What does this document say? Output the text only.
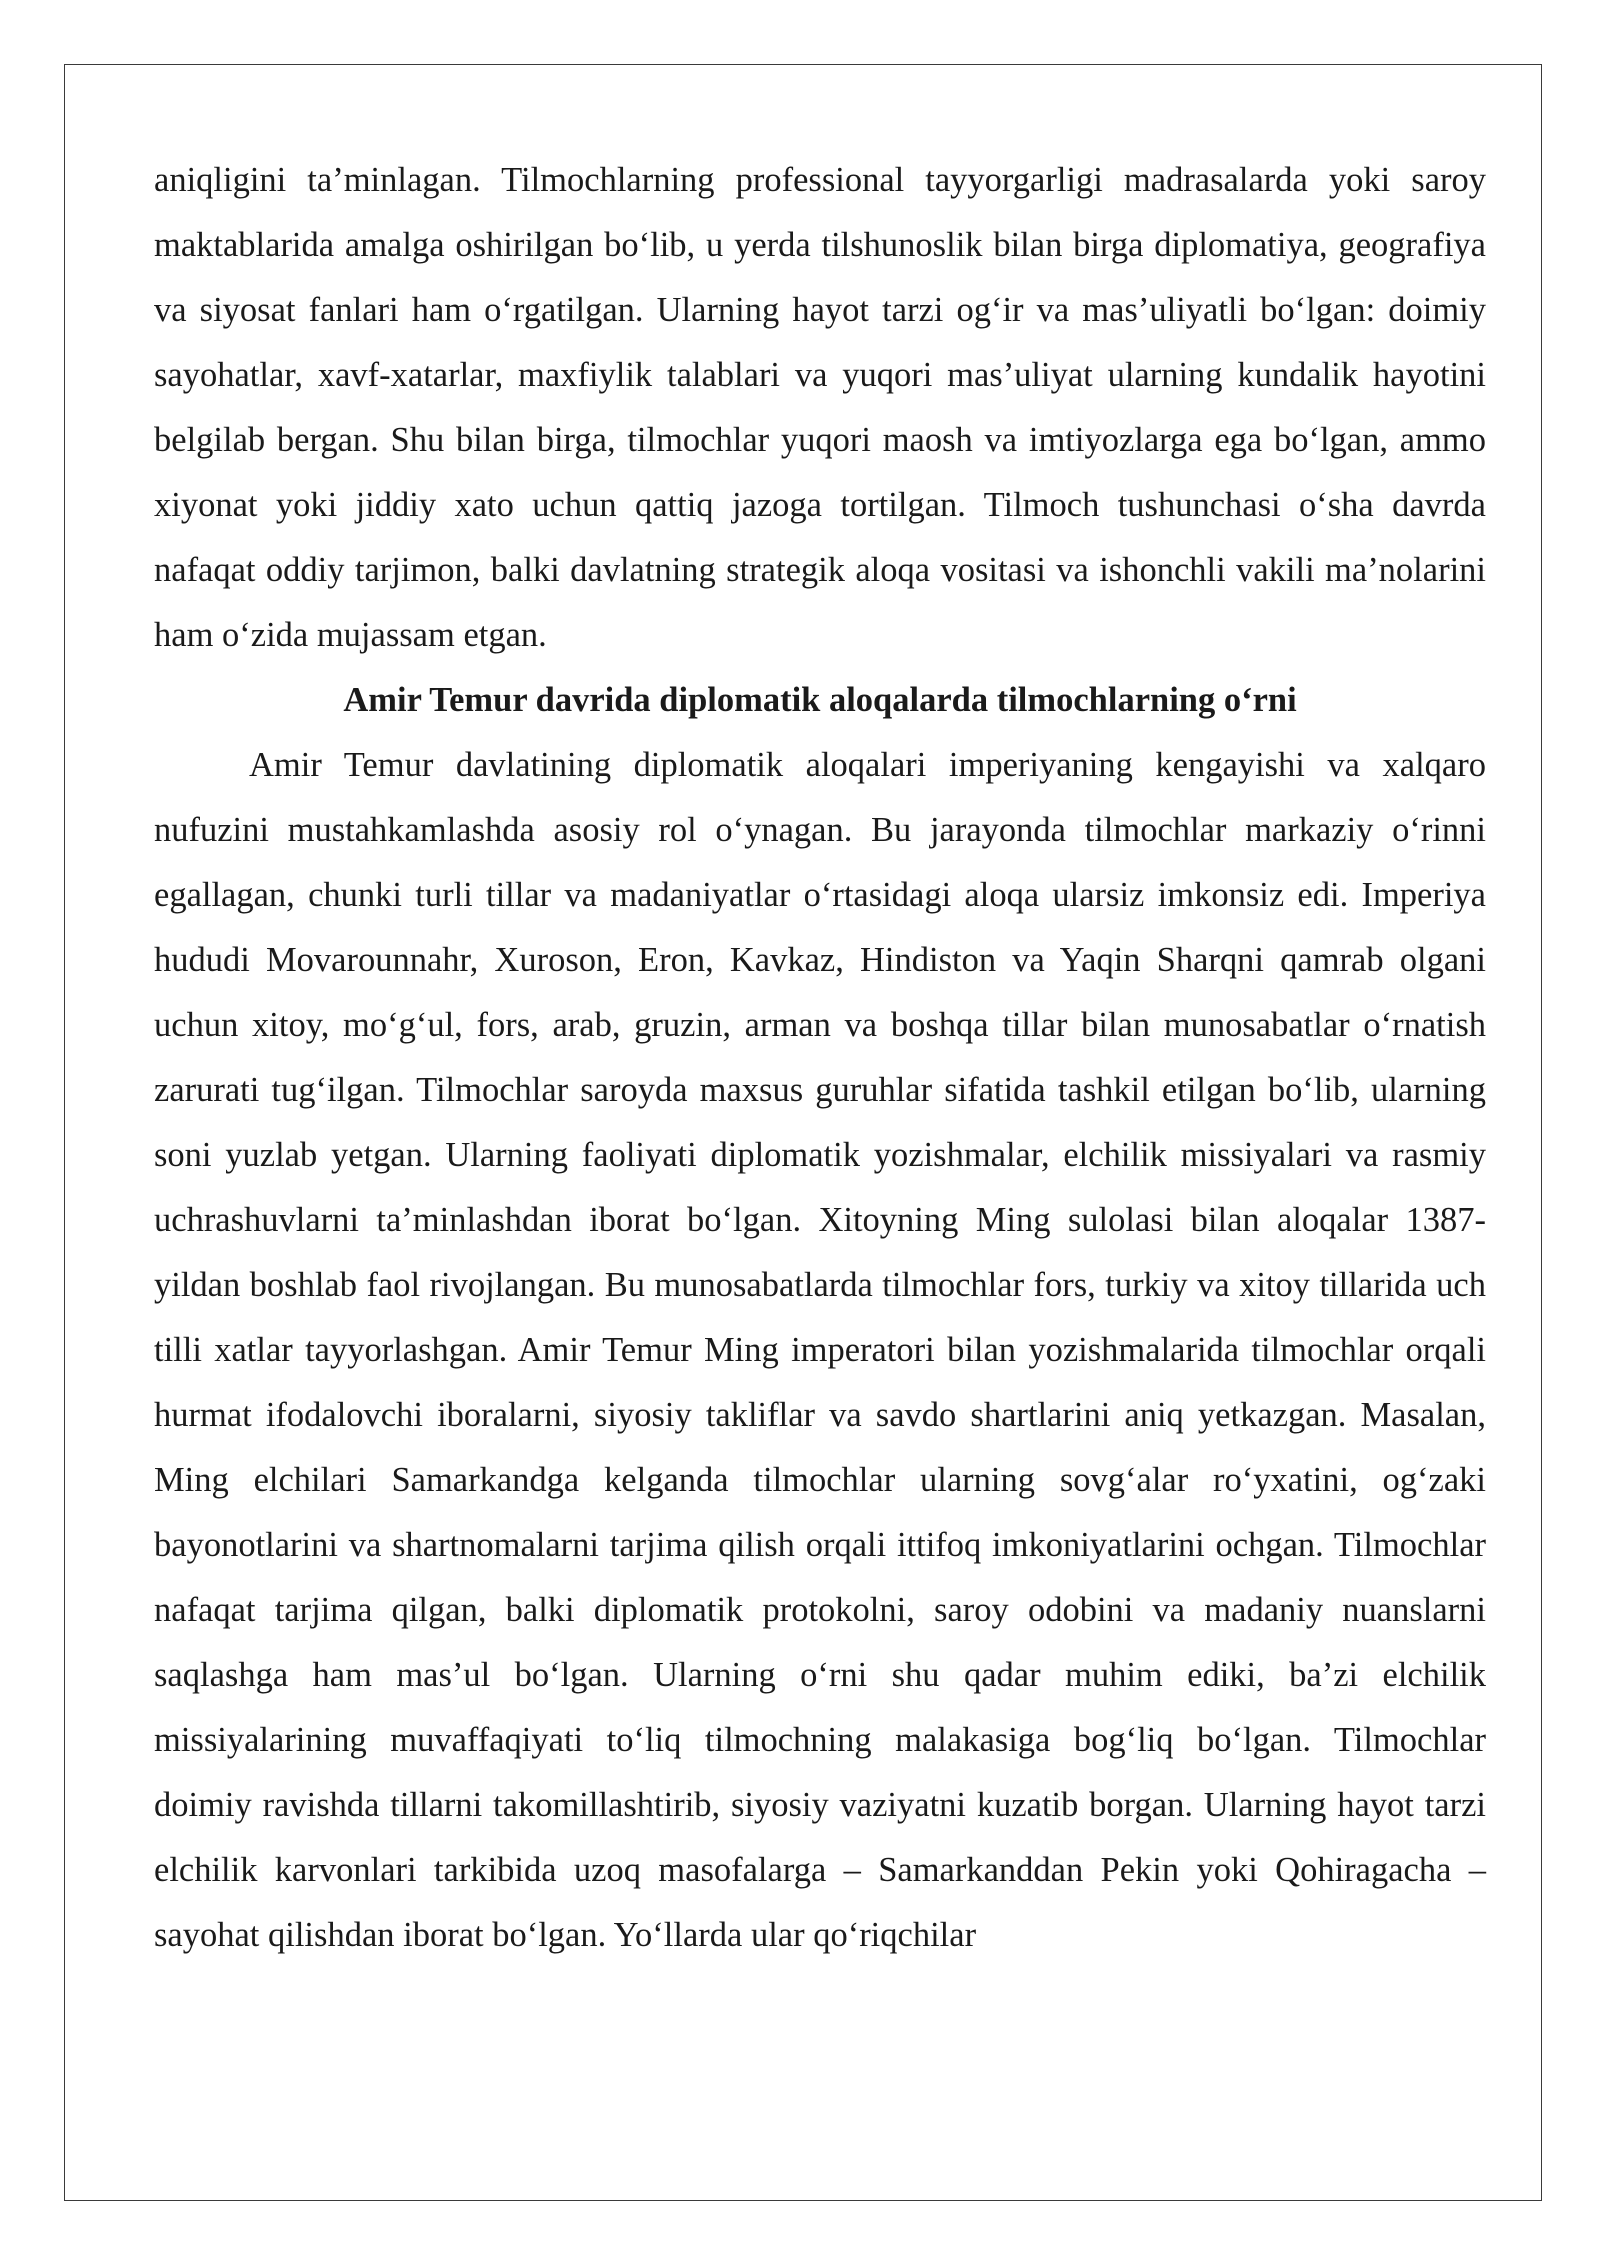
aniqligini ta’minlagan. Tilmochlarning professional tayyorgarligi madrasalarda yoki saroy maktablarida amalga oshirilgan bo‘lib, u yerda tilshunoslik bilan birga diplomatiya, geografiya va siyosat fanlari ham o‘rgatilgan. Ularning hayot tarzi og‘ir va mas’uliyatli bo‘lgan: doimiy sayohatlar, xavf-xatarlar, maxfiylik talablari va yuqori mas’uliyat ularning kundalik hayotini belgilab bergan. Shu bilan birga, tilmochlar yuqori maosh va imtiyozlarga ega bo‘lgan, ammo xiyonat yoki jiddiy xato uchun qattiq jazoga tortilgan. Tilmoch tushunchasi o‘sha davrda nafaqat oddiy tarjimon, balki davlatning strategik aloqa vositasi va ishonchli vakili ma’nolarini ham o‘zida mujassam etgan.

Amir Temur davrida diplomatik aloqalarda tilmochlarning o‘rni

Amir Temur davlatining diplomatik aloqalari imperiyaning kengayishi va xalqaro nufuzini mustahkamlashda asosiy rol o‘ynagan. Bu jarayonda tilmochlar markaziy o‘rinni egallagan, chunki turli tillar va madaniyatlar o‘rtasidagi aloqa ularsiz imkonsiz edi. Imperiya hududi Movarounnahr, Xuroson, Eron, Kavkaz, Hindiston va Yaqin Sharqni qamrab olgani uchun xitoy, mo‘g‘ul, fors, arab, gruzin, arman va boshqa tillar bilan munosabatlar o‘rnatish zarurati tug‘ilgan. Tilmochlar saroyda maxsus guruhlar sifatida tashkil etilgan bo‘lib, ularning soni yuzlab yetgan. Ularning faoliyati diplomatik yozishmalar, elchilik missiyalari va rasmiy uchrashuvlarni ta’minlashdan iborat bo‘lgan. Xitoyning Ming sulolasi bilan aloqalar 1387-yildan boshlab faol rivojlangan. Bu munosabatlarda tilmochlar fors, turkiy va xitoy tillarida uch tilli xatlar tayyorlashgan. Amir Temur Ming imperatori bilan yozishmalarida tilmochlar orqali hurmat ifodalovchi iboralarni, siyosiy takliflar va savdo shartlarini aniq yetkazgan. Masalan, Ming elchilari Samarkandga kelganda tilmochlar ularning sovg‘alar ro‘yxatini, og‘zaki bayonotlarini va shartnomalarni tarjima qilish orqali ittifoq imkoniyatlarini ochgan. Tilmochlar nafaqat tarjima qilgan, balki diplomatik protokolni, saroy odobini va madaniy nuanslarni saqlashga ham mas’ul bo‘lgan. Ularning o‘rni shu qadar muhim ediki, ba’zi elchilik missiyalarining muvaffaqiyati to‘liq tilmochning malakasiga bog‘liq bo‘lgan. Tilmochlar doimiy ravishda tillarni takomillashtirib, siyosiy vaziyatni kuzatib borgan. Ularning hayot tarzi elchilik karvonlari tarkibida uzoq masofalarga – Samarkanddan Pekin yoki Qohiragacha – sayohat qilishdan iborat bo‘lgan. Yo‘llarda ular qo‘riqchilar
